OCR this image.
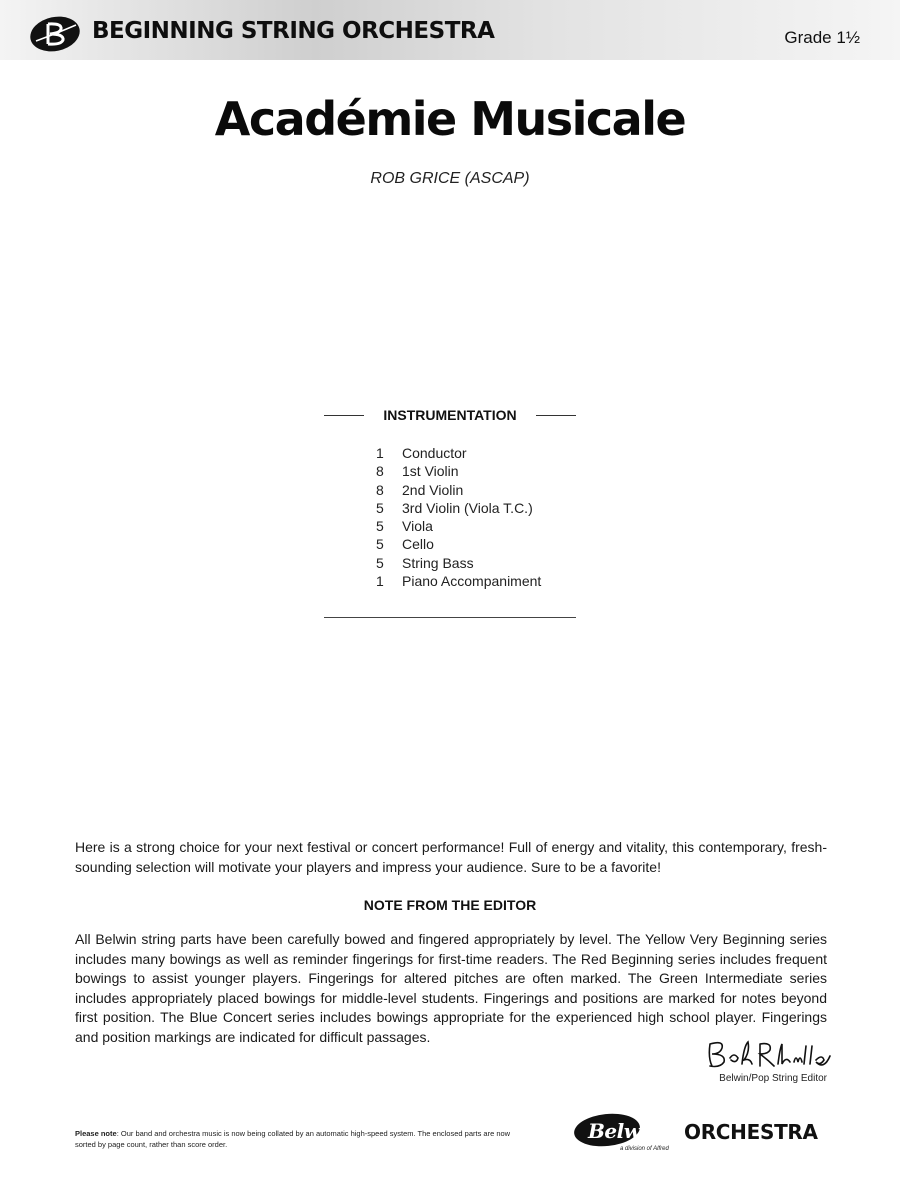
BEGINNING STRING ORCHESTRA	Grade 1½
Académie Musicale
ROB GRICE (ASCAP)
INSTRUMENTATION
1	Conductor
8	1st Violin
8	2nd Violin
5	3rd Violin (Viola T.C.)
5	Viola
5	Cello
5	String Bass
1	Piano Accompaniment
Here is a strong choice for your next festival or concert performance! Full of energy and vitality, this contemporary, fresh-sounding selection will motivate your players and impress your audience. Sure to be a favorite!
NOTE FROM THE EDITOR
All Belwin string parts have been carefully bowed and fingered appropriately by level. The Yellow Very Beginning series includes many bowings as well as reminder fingerings for first-time readers. The Red Beginning series includes frequent bowings to assist younger players. Fingerings for altered pitches are often marked. The Green Intermediate series includes appropriately placed bowings for middle-level students. Fingerings and positions are marked for notes beyond first position. The Blue Concert series includes bowings appropriate for the experienced high school player. Fingerings and position markings are indicated for difficult passages.
Belwin/Pop String Editor
Please note: Our band and orchestra music is now being collated by an automatic high-speed system. The enclosed parts are now sorted by page count, rather than score order.
Belwin ORCHESTRA
a division of Alfred
